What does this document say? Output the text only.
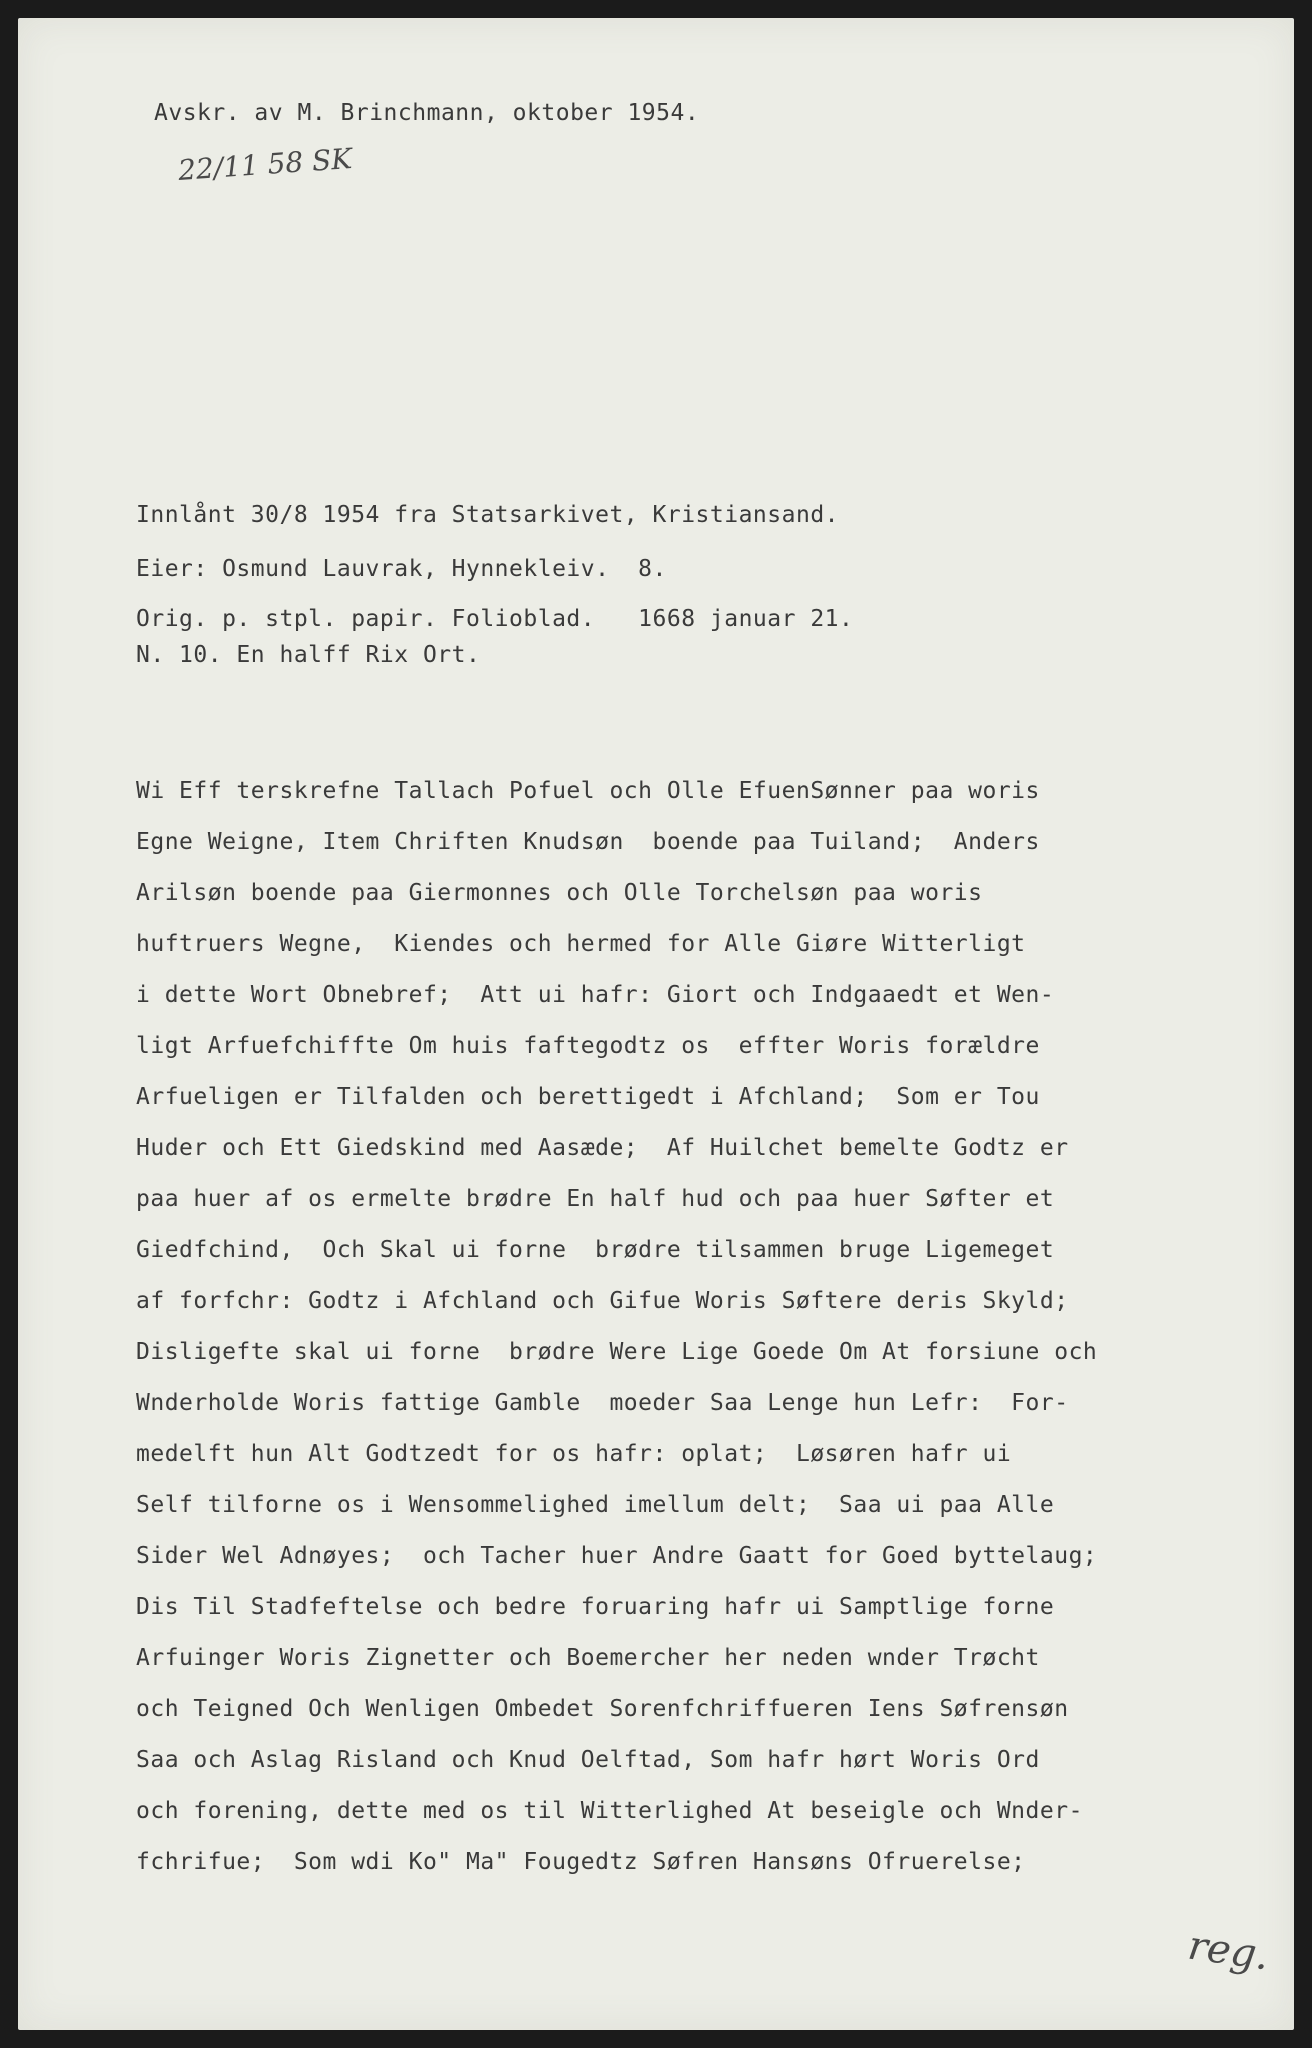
Avskr. av M. Brinchmann, oktober 1954.
22/11 58 SK
Innlånt 30/8 1954 fra Statsarkivet, Kristiansand.
Eier: Osmund Lauvrak, Hynnekleiv.  8.
Orig. p. stpl. papir. Folioblad.   1668 januar 21.
N. 10. En halff Rix Ort.
Wi Eff terskrefne Tallach Pofuel och Olle EfuenSønner paa woris
Egne Weigne, Item Chriften Knudsøn  boende paa Tuiland;  Anders
Arilsøn boende paa Giermonnes och Olle Torchelsøn paa woris
huftruers Wegne,  Kiendes och hermed for Alle Giøre Witterligt
i dette Wort Obnebref;  Att ui hafr: Giort och Indgaaedt et Wen-
ligt Arfuefchiffte Om huis faftegodtz os  effter Woris forældre
Arfueligen er Tilfalden och berettigedt i Afchland;  Som er Tou
Huder och Ett Giedskind med Aasæde;  Af Huilchet bemelte Godtz er
paa huer af os ermelte brødre En half hud och paa huer Søfter et
Giedfchind,  Och Skal ui forne  brødre tilsammen bruge Ligemeget
af forfchr: Godtz i Afchland och Gifue Woris Søftere deris Skyld;
Disligefte skal ui forne  brødre Were Lige Goede Om At forsiune och
Wnderholde Woris fattige Gamble  moeder Saa Lenge hun Lefr:  For-
medelft hun Alt Godtzedt for os hafr: oplat;  Løsøren hafr ui
Self tilforne os i Wensommelighed imellum delt;  Saa ui paa Alle
Sider Wel Adnøyes;  och Tacher huer Andre Gaatt for Goed byttelaug;
Dis Til Stadfeftelse och bedre foruaring hafr ui Samptlige forne
Arfuinger Woris Zignetter och Boemercher her neden wnder Trøcht
och Teigned Och Wenligen Ombedet Sorenfchriffueren Iens Søfrensøn
Saa och Aslag Risland och Knud Oelftad, Som hafr hørt Woris Ord
och forening, dette med os til Witterlighed At beseigle och Wnder-
fchrifue;  Som wdi Ko" Ma" Fougedtz Søfren Hansøns Ofruerelse;
reg.
